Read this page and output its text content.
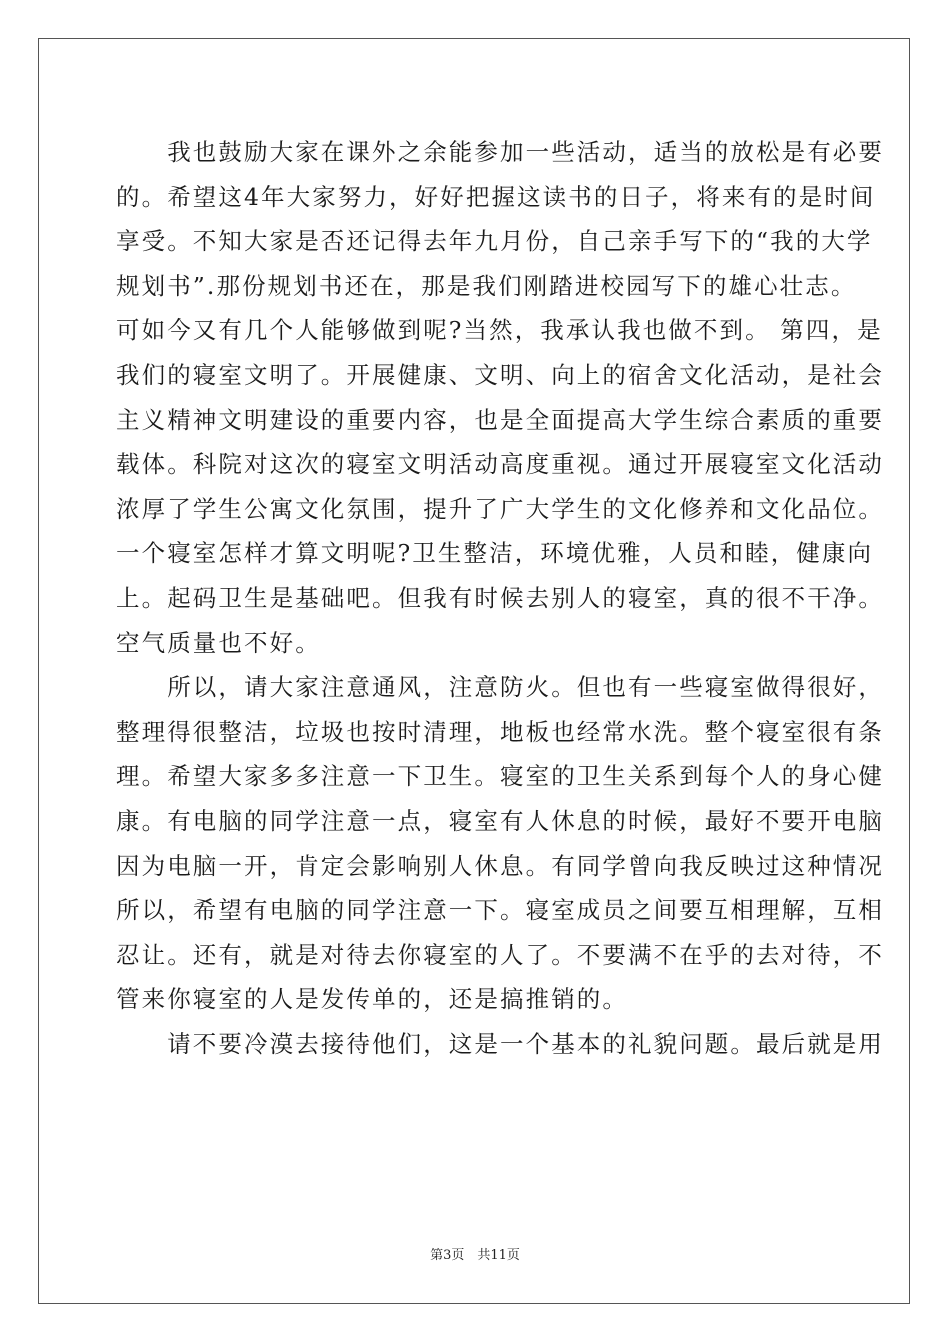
　　我也鼓励大家在课外之余能参加一些活动，适当的放松是有必要
的。希望这4年大家努力，好好把握这读书的日子，将来有的是时间
享受。不知大家是否还记得去年九月份，自己亲手写下的“我的大学
规划书”.那份规划书还在，那是我们刚踏进校园写下的雄心壮志。
可如今又有几个人能够做到呢?当然，我承认我也做不到。 第四，是
我们的寝室文明了。开展健康、文明、向上的宿舍文化活动，是社会
主义精神文明建设的重要内容，也是全面提高大学生综合素质的重要
载体。科院对这次的寝室文明活动高度重视。通过开展寝室文化活动
浓厚了学生公寓文化氛围，提升了广大学生的文化修养和文化品位。
一个寝室怎样才算文明呢?卫生整洁，环境优雅，人员和睦，健康向
上。起码卫生是基础吧。但我有时候去别人的寝室，真的很不干净。
空气质量也不好。
　　所以，请大家注意通风，注意防火。但也有一些寝室做得很好，
整理得很整洁，垃圾也按时清理，地板也经常水洗。整个寝室很有条
理。希望大家多多注意一下卫生。寝室的卫生关系到每个人的身心健
康。有电脑的同学注意一点，寝室有人休息的时候，最好不要开电脑
因为电脑一开，肯定会影响别人休息。有同学曾向我反映过这种情况
所以，希望有电脑的同学注意一下。寝室成员之间要互相理解，互相
忍让。还有，就是对待去你寝室的人了。不要满不在乎的去对待，不
管来你寝室的人是发传单的，还是搞推销的。
　　请不要冷漠去接待他们，这是一个基本的礼貌问题。最后就是用
第3页　共11页
